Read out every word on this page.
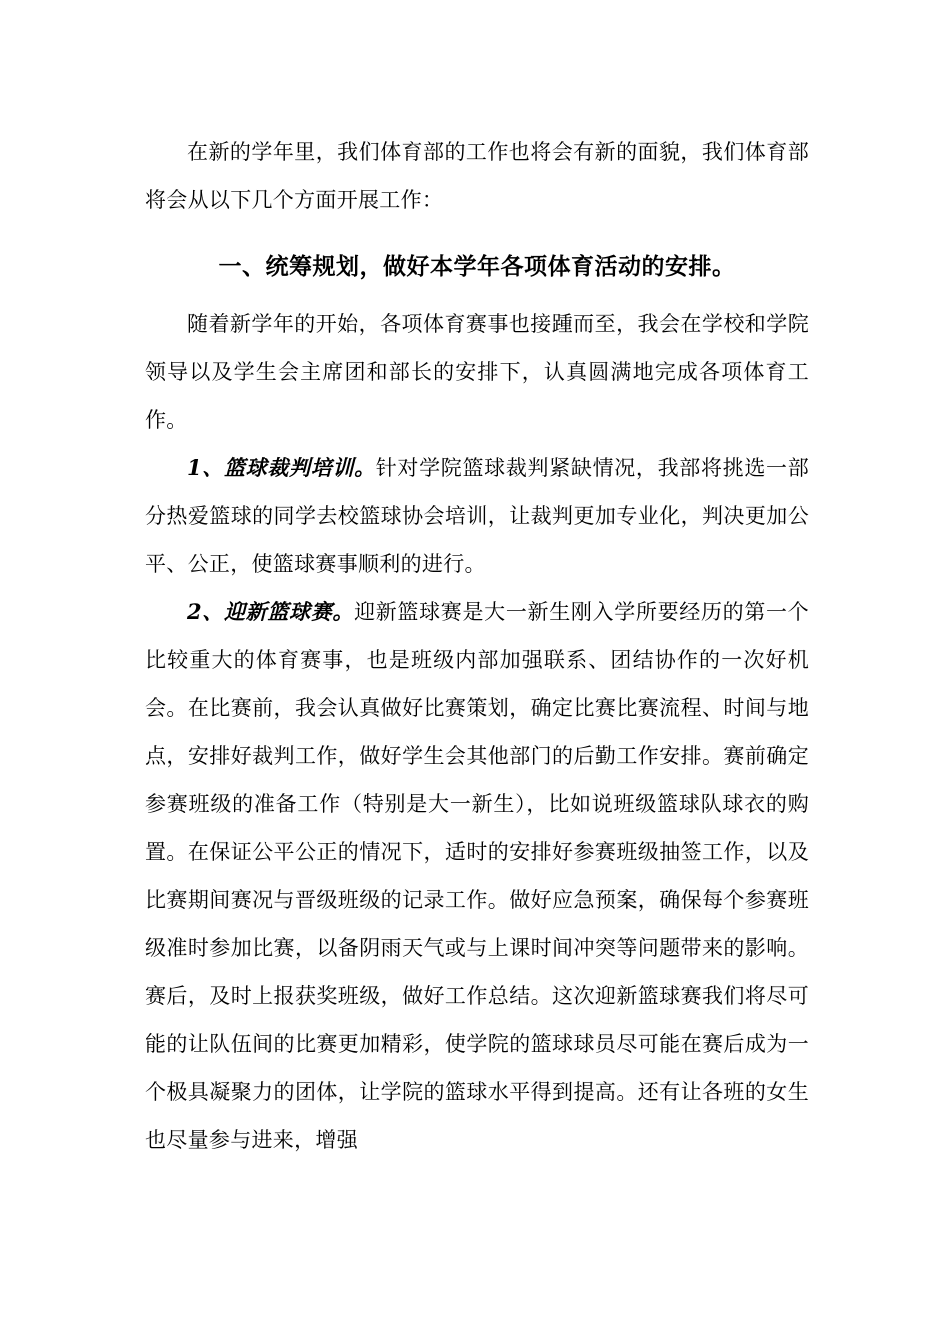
在新的学年里，我们体育部的工作也将会有新的面貌，我们体育部将会从以下几个方面开展工作：

一、统筹规划，做好本学年各项体育活动的安排。

随着新学年的开始，各项体育赛事也接踵而至，我会在学校和学院领导以及学生会主席团和部长的安排下，认真圆满地完成各项体育工作。

1、篮球裁判培训。针对学院篮球裁判紧缺情况，我部将挑选一部分热爱篮球的同学去校篮球协会培训，让裁判更加专业化，判决更加公平、公正，使篮球赛事顺利的进行。

2、迎新篮球赛。迎新篮球赛是大一新生刚入学所要经历的第一个比较重大的体育赛事，也是班级内部加强联系、团结协作的一次好机会。在比赛前，我会认真做好比赛策划，确定比赛比赛流程、时间与地点，安排好裁判工作，做好学生会其他部门的后勤工作安排。赛前确定参赛班级的准备工作（特别是大一新生），比如说班级篮球队球衣的购置。在保证公平公正的情况下，适时的安排好参赛班级抽签工作，以及比赛期间赛况与晋级班级的记录工作。做好应急预案，确保每个参赛班级准时参加比赛，以备阴雨天气或与上课时间冲突等问题带来的影响。赛后，及时上报获奖班级，做好工作总结。这次迎新篮球赛我们将尽可能的让队伍间的比赛更加精彩，使学院的篮球球员尽可能在赛后成为一个极具凝聚力的团体，让学院的篮球水平得到提高。还有让各班的女生也尽量参与进来，增强
